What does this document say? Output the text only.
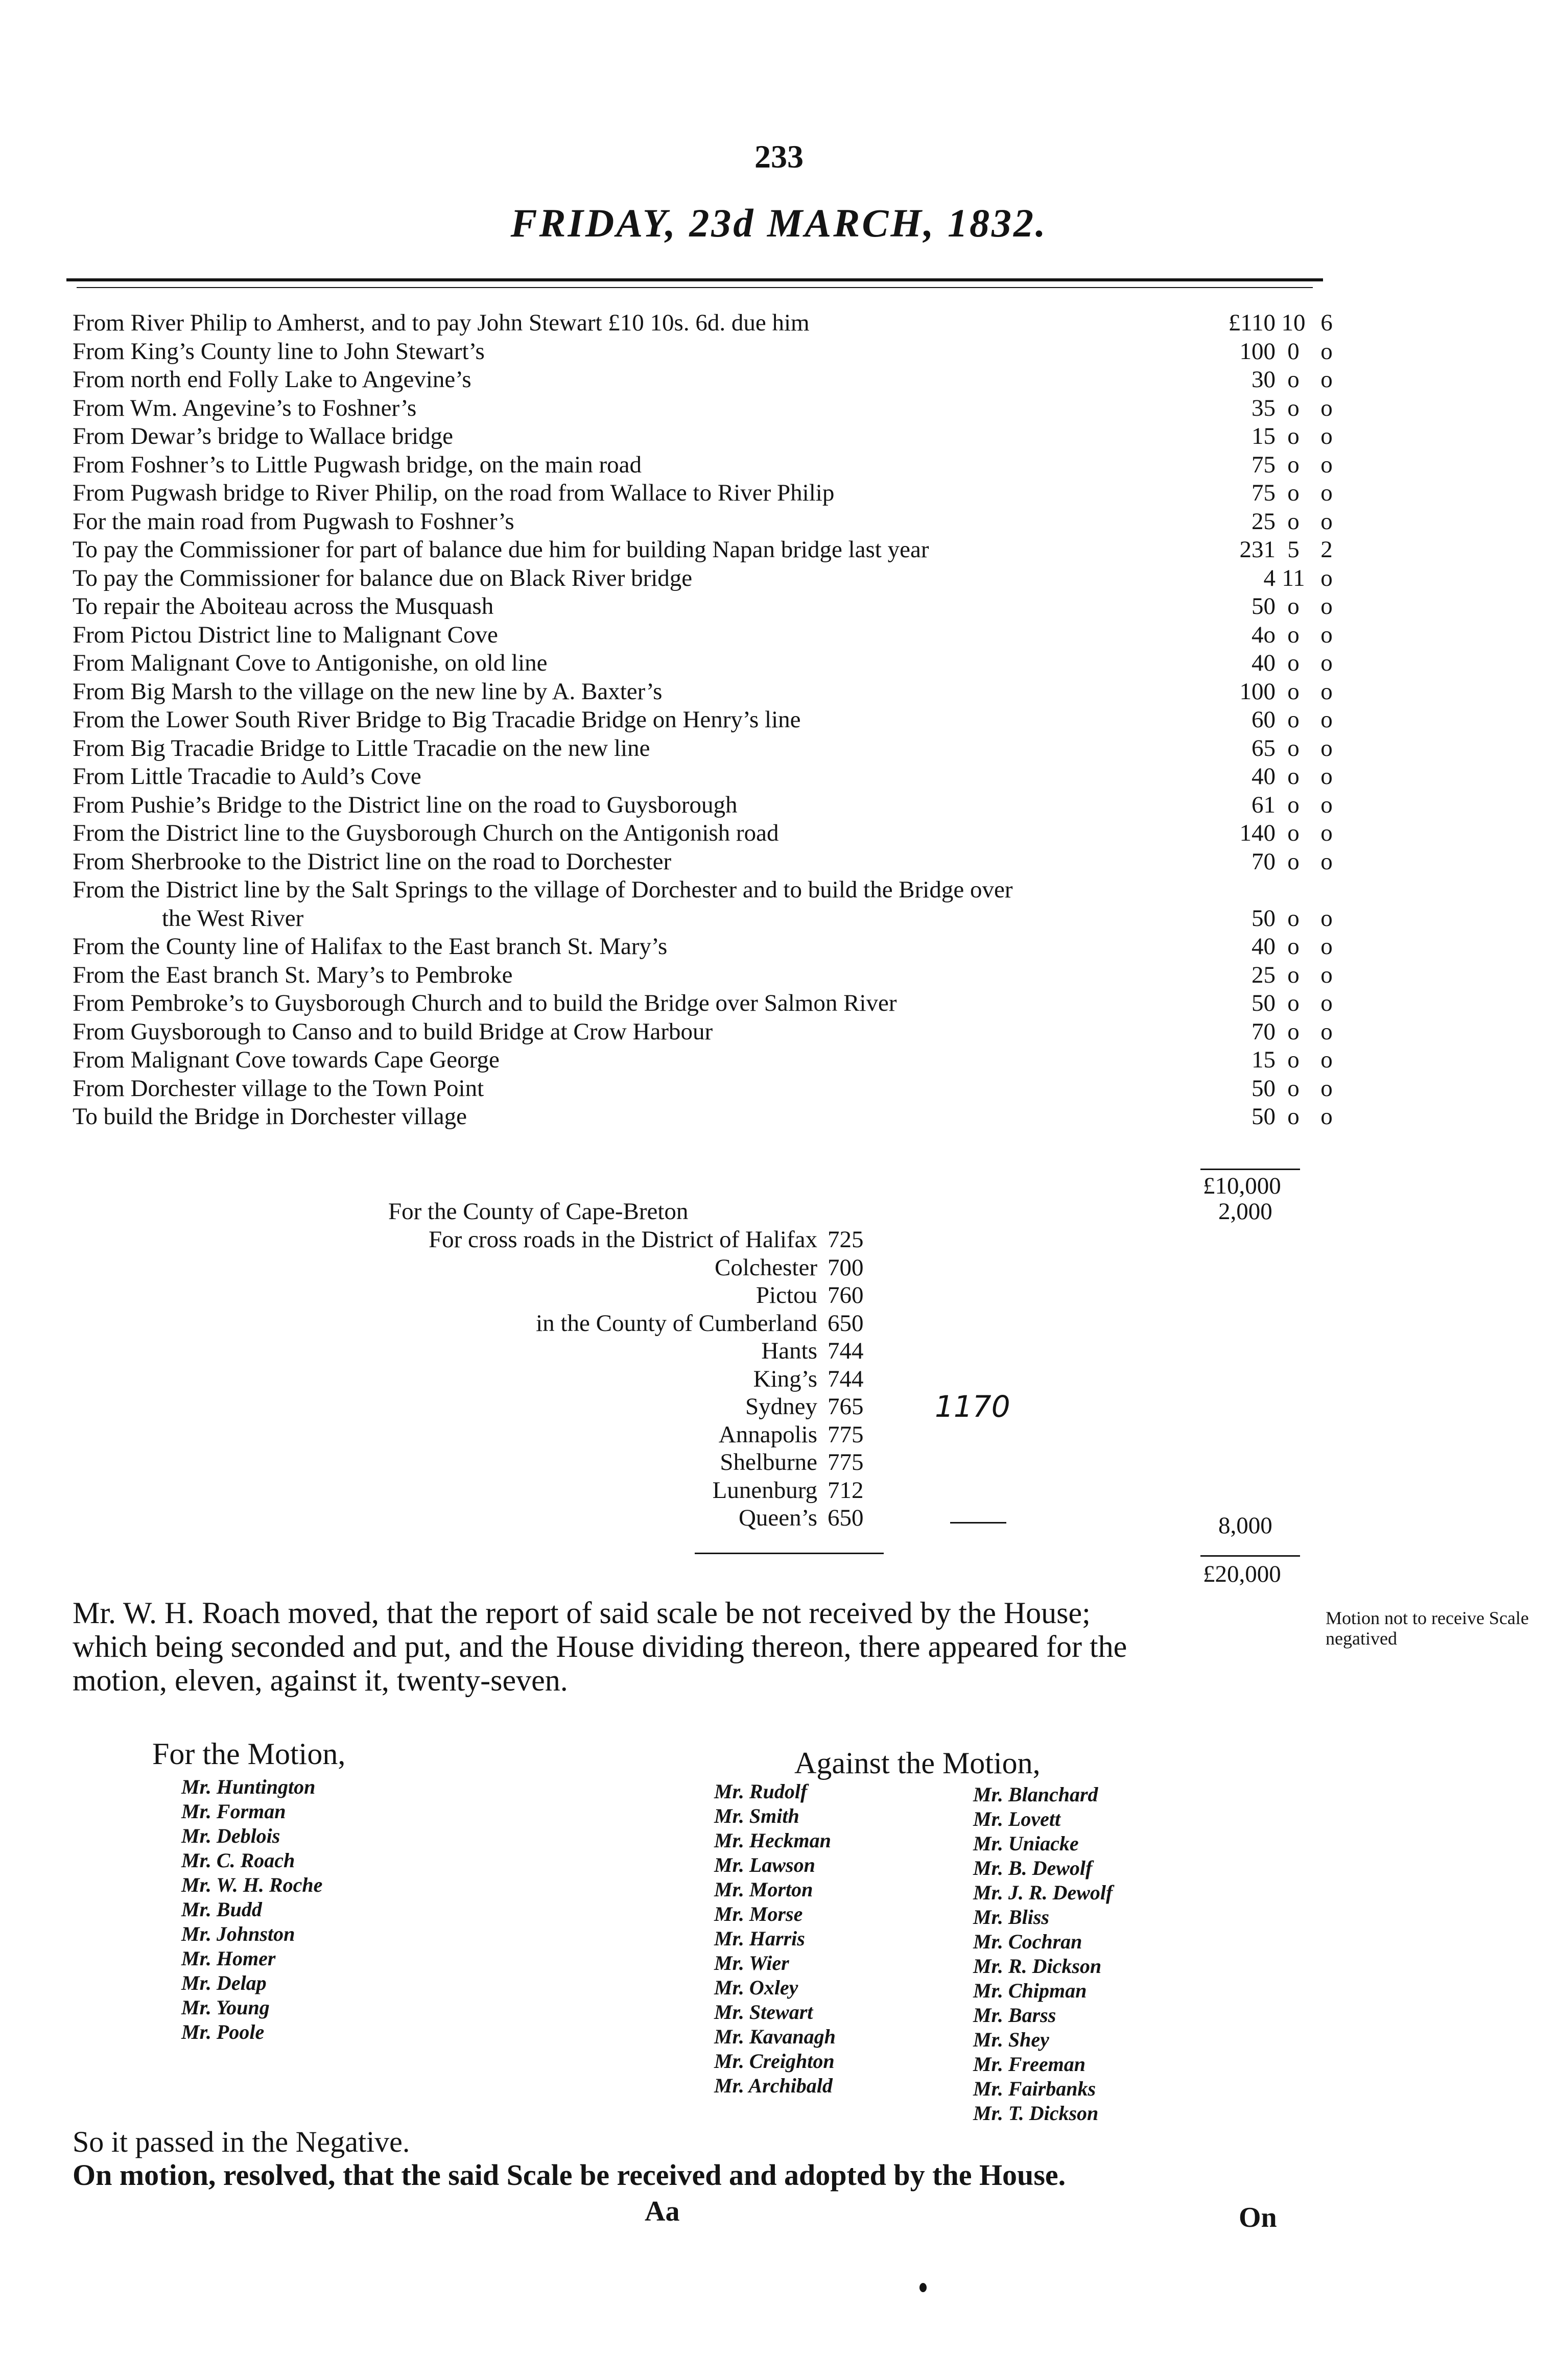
233
FRIDAY, 23d MARCH, 1832.
From River Philip to Amherst, and to pay John Stewart £10 10s. 6d. due him	£110 10 6
From King’s County line to John Stewart’s	100 0 o
From north end Folly Lake to Angevine’s	30 o o
From Wm. Angevine’s to Foshner’s	35 o o
From Dewar’s bridge to Wallace bridge	15 o o
From Foshner’s to Little Pugwash bridge, on the main road	75 o o
From Pugwash bridge to River Philip, on the road from Wallace to River Philip	75 o o
For the main road from Pugwash to Foshner’s	25 o o
To pay the Commissioner for part of balance due him for building Napan bridge last year	231 5 2
To pay the Commissioner for balance due on Black River bridge	4 11 o
To repair the Aboiteau across the Musquash	50 o o
From Pictou District line to Malignant Cove	4o o o
From Malignant Cove to Antigonishe, on old line	40 o o
From Big Marsh to the village on the new line by A. Baxter’s	100 o o
From the Lower South River Bridge to Big Tracadie Bridge on Henry’s line	60 o o
From Big Tracadie Bridge to Little Tracadie on the new line	65 o o
From Little Tracadie to Auld’s Cove	40 o o
From Pushie’s Bridge to the District line on the road to Guysborough	61 o o
From the District line to the Guysborough Church on the Antigonish road	140 o o
From Sherbrooke to the District line on the road to Dorchester	70 o o
From the District line by the Salt Springs to the village of Dorchester and to build the Bridge over
the West River	50 o o
From the County line of Halifax to the East branch St. Mary’s	40 o o
From the East branch St. Mary’s to Pembroke	25 o o
From Pembroke’s to Guysborough Church and to build the Bridge over Salmon River	50 o o
From Guysborough to Canso and to build Bridge at Crow Harbour	70 o o
From Malignant Cove towards Cape George	15 o o
From Dorchester village to the Town Point	50 o o
To build the Bridge in Dorchester village	50 o o
£10,000
For the County of Cape-Breton	2,000
For cross roads in the District of Halifax 725
Colchester 700
Pictou 760
in the County of Cumberland 650
Hants 744
King’s 744
Sydney 765
Annapolis 775
Shelburne 775
Lunenburg 712
Queen’s 650
1170
8,000
£20,000
Mr. W. H. Roach moved, that the report of said scale be not received by the House;
which being seconded and put, and the House dividing thereon, there appeared for the
motion, eleven, against it, twenty-seven.
Motion not to receive Scale negatived
For the Motion,	Against the Motion,
Mr. Huntington
Mr. Forman
Mr. Deblois
Mr. C. Roach
Mr. W. H. Roche
Mr. Budd
Mr. Johnston
Mr. Homer
Mr. Delap
Mr. Young
Mr. Poole
Mr. Rudolf
Mr. Smith
Mr. Heckman
Mr. Lawson
Mr. Morton
Mr. Morse
Mr. Harris
Mr. Wier
Mr. Oxley
Mr. Stewart
Mr. Kavanagh
Mr. Creighton
Mr. Archibald
Mr. Blanchard
Mr. Lovett
Mr. Uniacke
Mr. B. Dewolf
Mr. J. R. Dewolf
Mr. Bliss
Mr. Cochran
Mr. R. Dickson
Mr. Chipman
Mr. Barss
Mr. Shey
Mr. Freeman
Mr. Fairbanks
Mr. T. Dickson
So it passed in the Negative.
On motion, resolved, that the said Scale be received and adopted by the House.
Aa	On
